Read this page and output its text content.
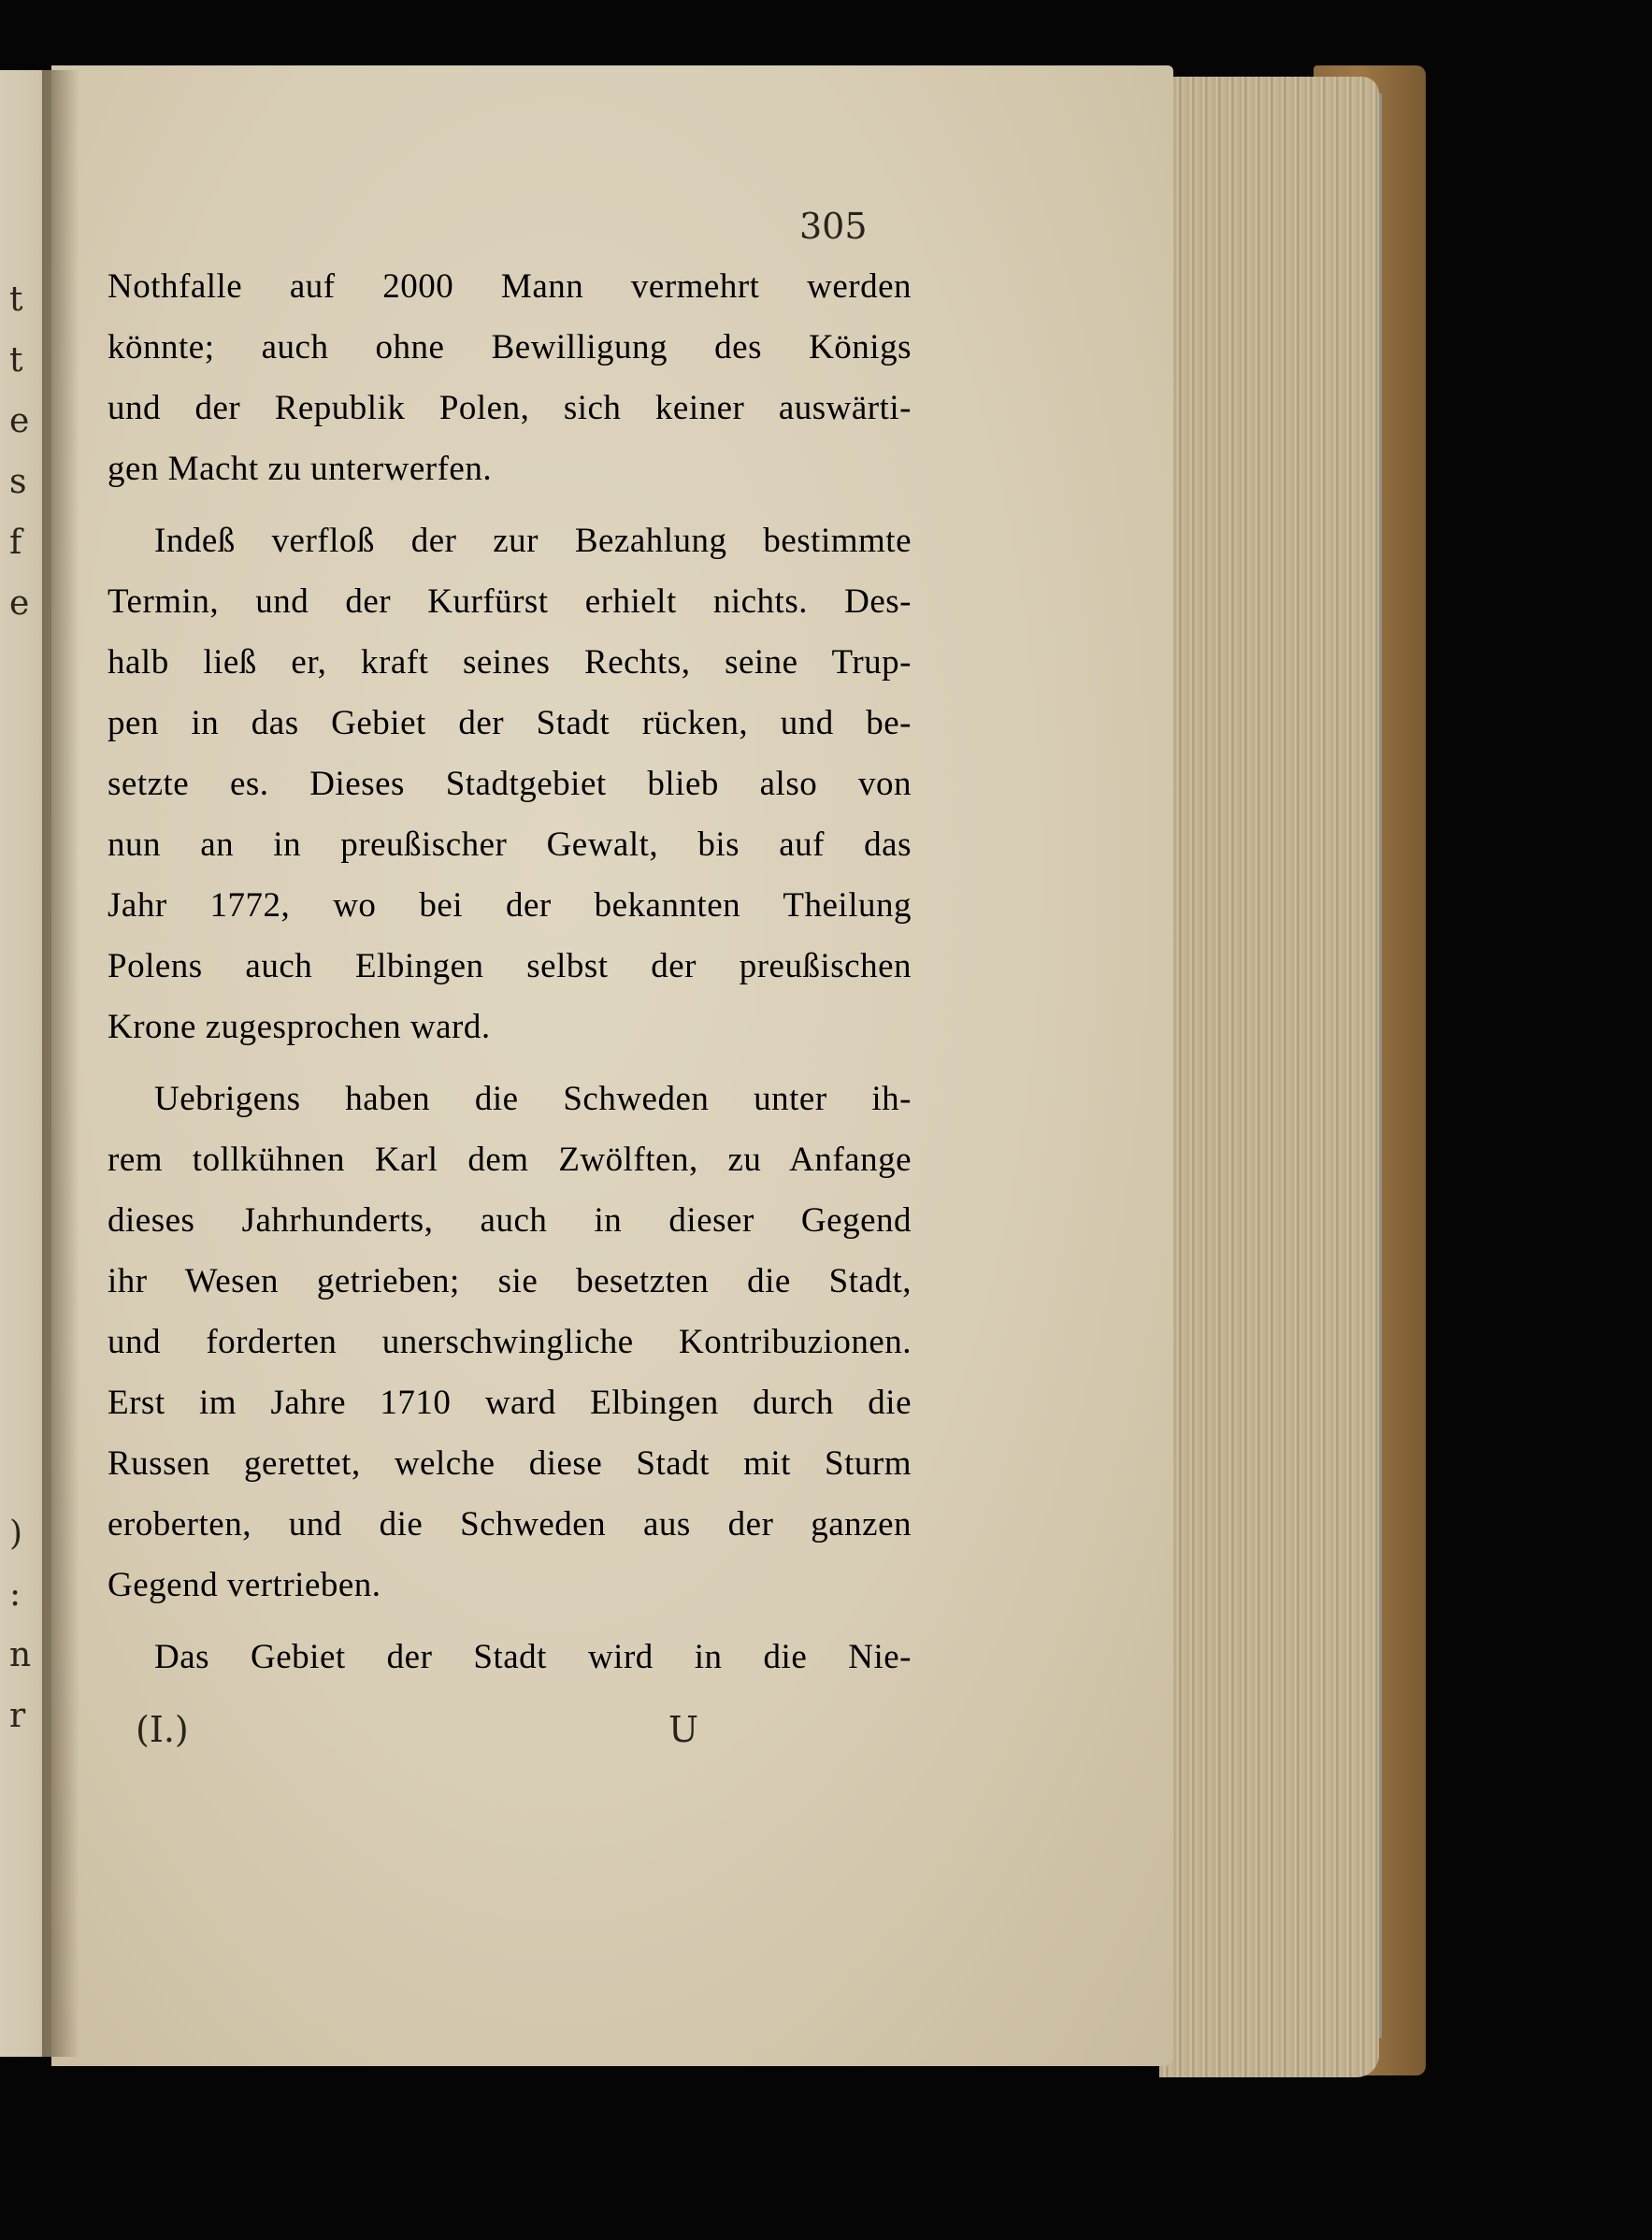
t
t
e
s
f
e
)
:
n
r
305
Nothfalle auf 2000 Mann vermehrt werden
könnte; auch ohne Bewilligung des Königs
und der Republik Polen, sich keiner auswärti-
gen Macht zu unterwerfen.
Indeß verfloß der zur Bezahlung bestimmte
Termin, und der Kurfürst erhielt nichts. Des-
halb ließ er, kraft seines Rechts, seine Trup-
pen in das Gebiet der Stadt rücken, und be-
setzte es. Dieses Stadtgebiet blieb also von
nun an in preußischer Gewalt, bis auf das
Jahr 1772, wo bei der bekannten Theilung
Polens auch Elbingen selbst der preußischen
Krone zugesprochen ward.
Uebrigens haben die Schweden unter ih-
rem tollkühnen Karl dem Zwölften, zu Anfange
dieses Jahrhunderts, auch in dieser Gegend
ihr Wesen getrieben; sie besetzten die Stadt,
und forderten unerschwingliche Kontribuzionen.
Erst im Jahre 1710 ward Elbingen durch die
Russen gerettet, welche diese Stadt mit Sturm
eroberten, und die Schweden aus der ganzen
Gegend vertrieben.
Das Gebiet der Stadt wird in die Nie-
(I.)	U
